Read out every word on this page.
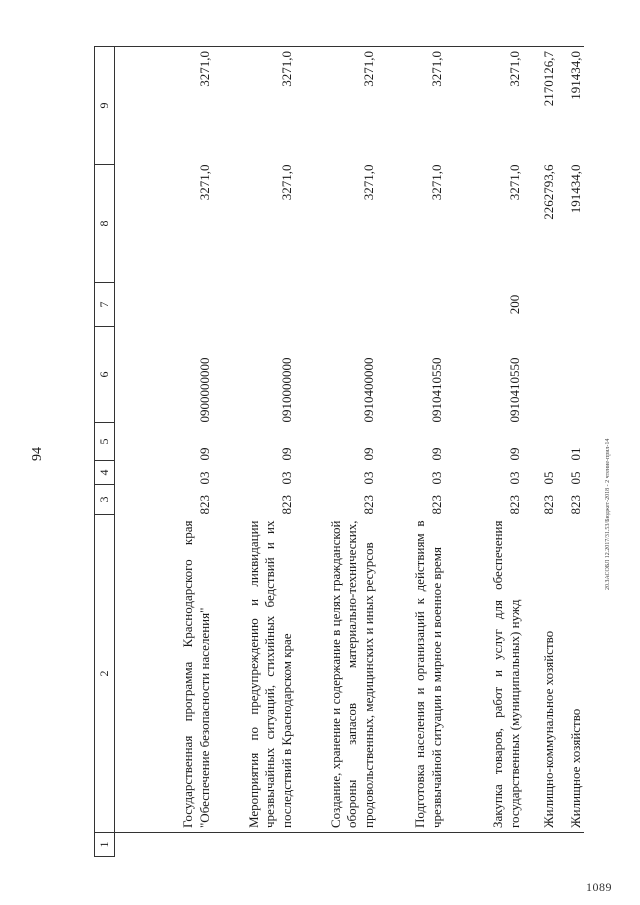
94
1	2	3	4	5	6	7	8	9
	Государственная программа Краснодарского края "Обеспечение безопасности населения"	823	03	09	0900000000		3271,0	3271,0
	Мероприятия по предупреждению и ликвидации чрезвычайных ситуаций, стихийных бедствий и их последствий в Краснодарском крае	823	03	09	0910000000		3271,0	3271,0
	Создание, хранение и содержание в целях гражданской обороны запасов материально-технических, продовольственных, медицинских и иных ресурсов	823	03	09	0910400000		3271,0	3271,0
	Подготовка населения и организаций к действиям в чрезвычайной ситуации в мирное и военное время	823	03	09	0910410550		3271,0	3271,0
	Закупка товаров, работ и услуг для обеспечения государственных (муниципальных) нужд	823	03	09	0910410550	200	3271,0	3271,0
	Жилищно-коммунальное хозяйство	823	05				2262793,6	2170126,7
	Жилищное хозяйство	823	05	01			191434,0	191434,0
20.ЗАСОБЛ 12.2017/31.53/Бюджет-2018 - 2 чтение-прил-14
1089
